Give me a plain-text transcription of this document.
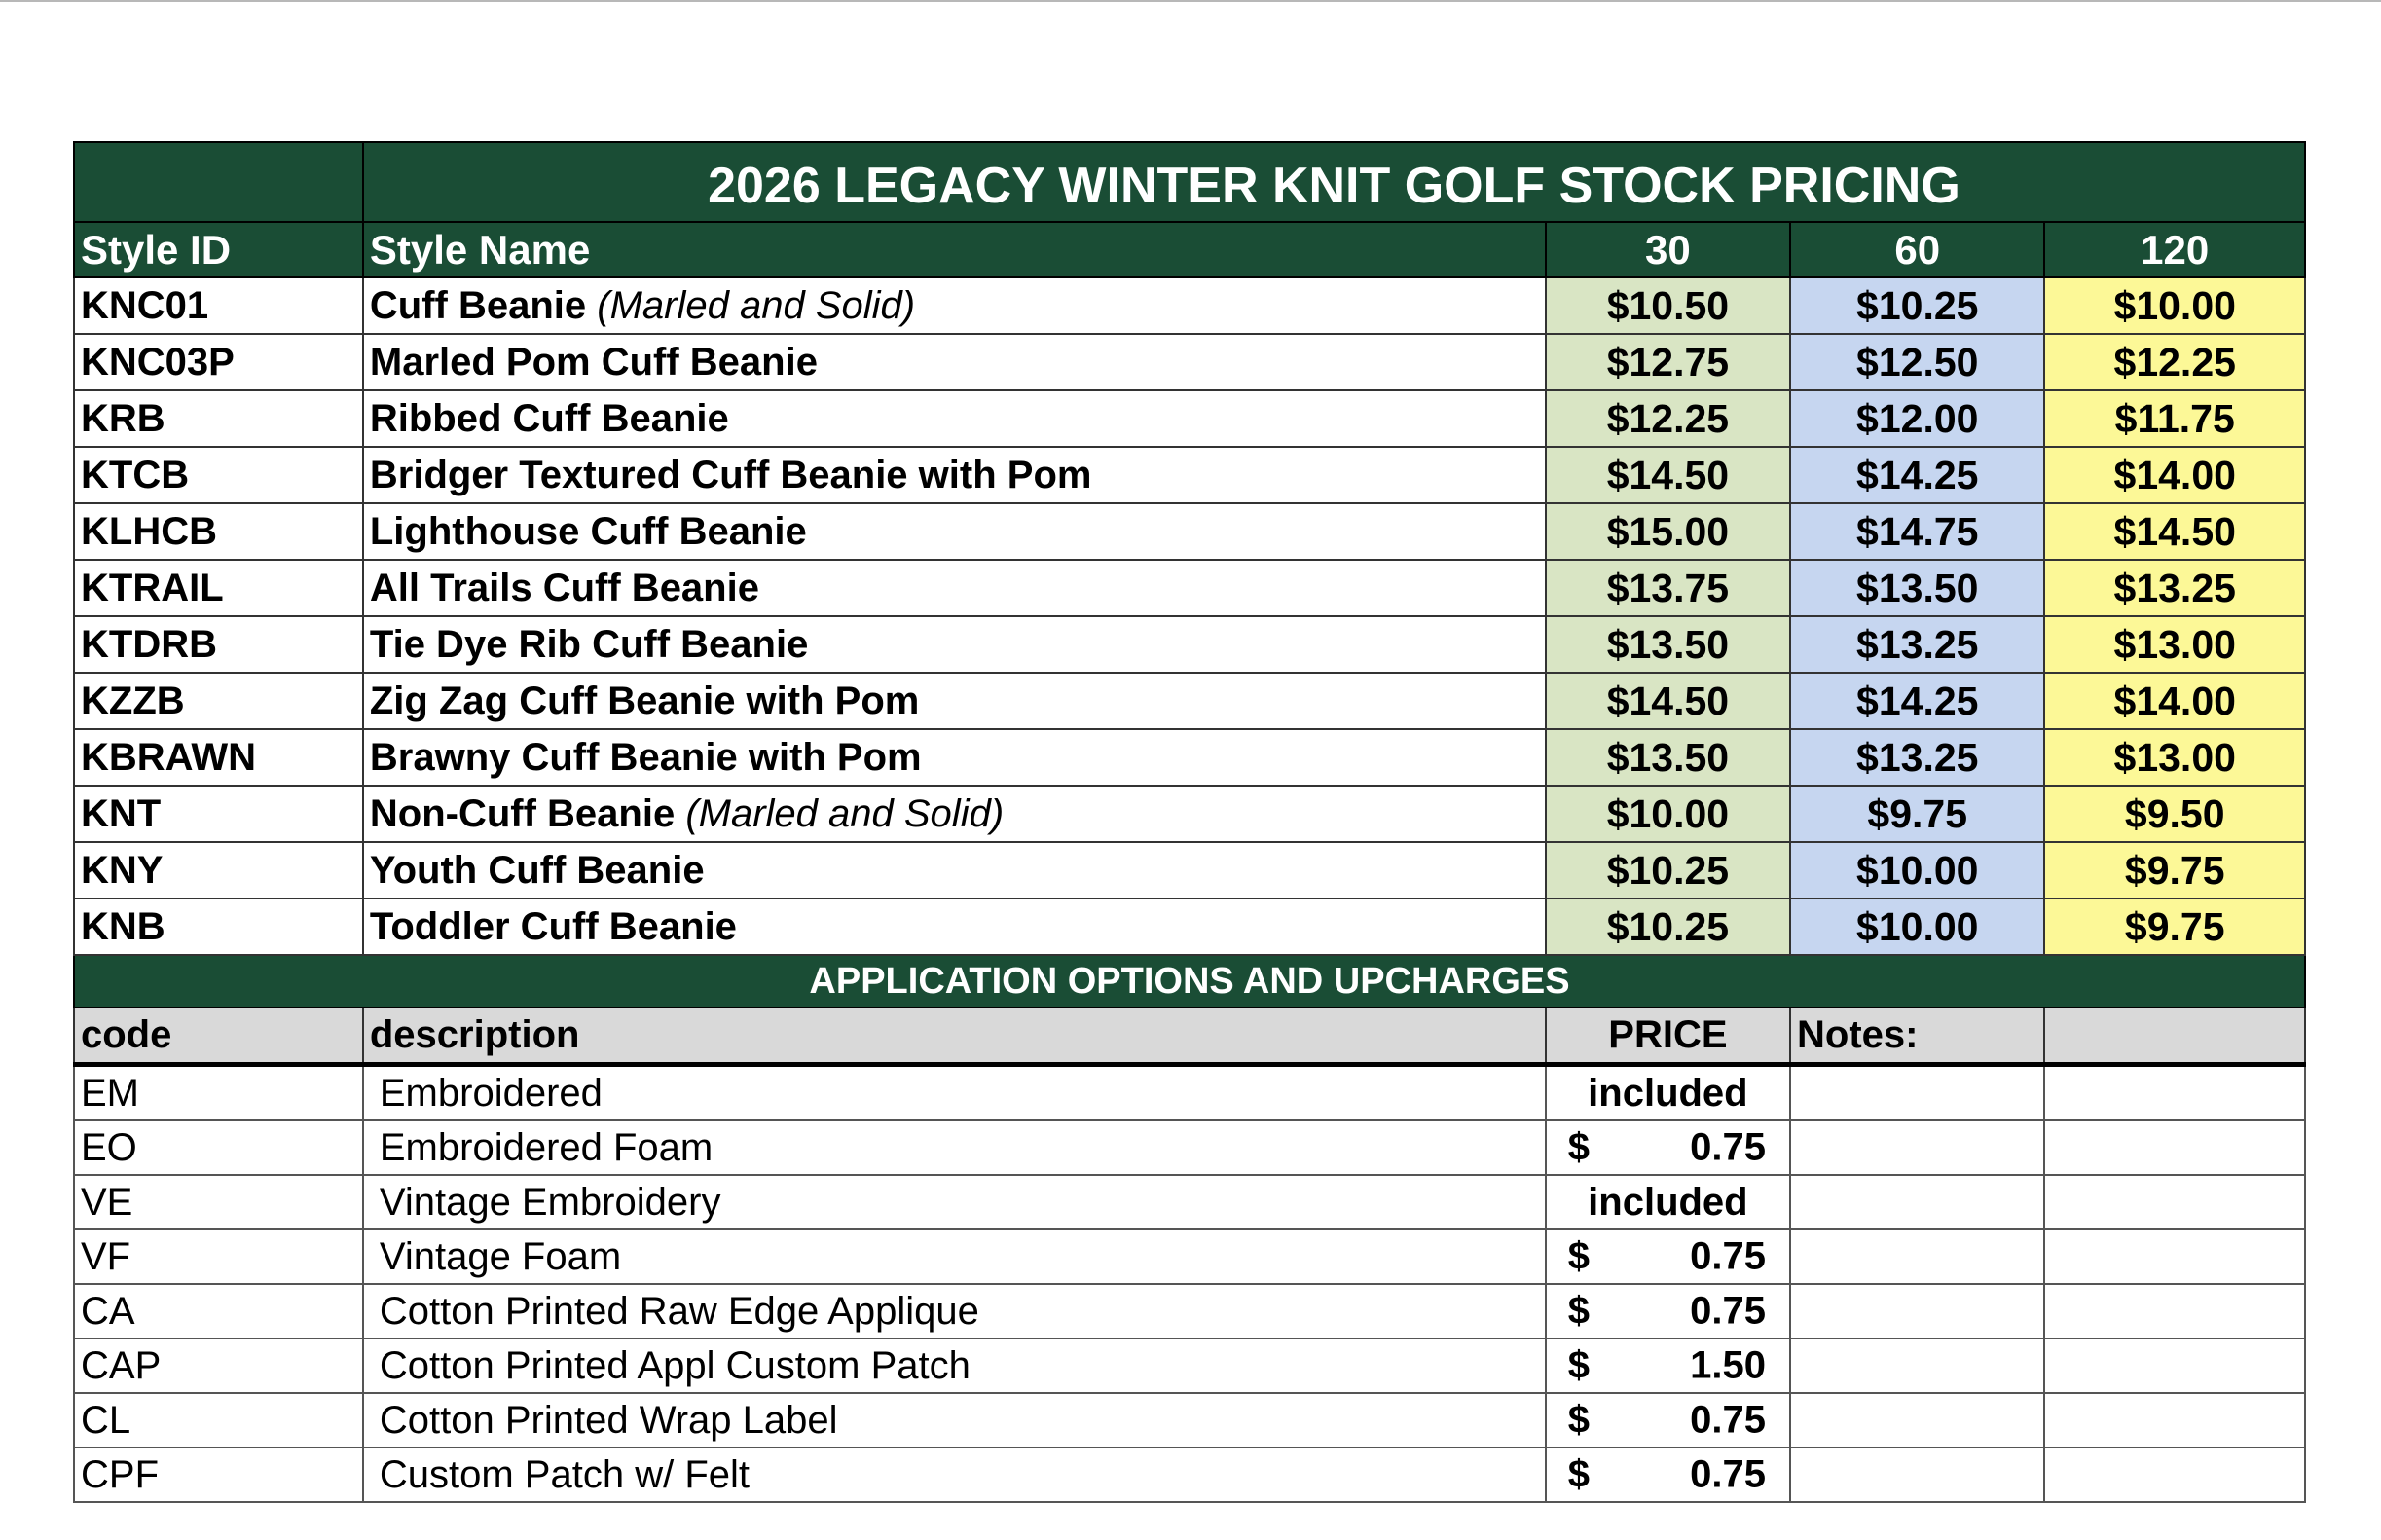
	2026 LEGACY WINTER KNIT GOLF STOCK PRICING			
Style ID	Style Name	30	60	120
KNC01	Cuff Beanie (Marled and Solid)	$10.50	$10.25	$10.00
KNC03P	Marled Pom Cuff Beanie	$12.75	$12.50	$12.25
KRB	Ribbed Cuff Beanie	$12.25	$12.00	$11.75
KTCB	Bridger Textured Cuff Beanie with Pom	$14.50	$14.25	$14.00
KLHCB	Lighthouse Cuff Beanie	$15.00	$14.75	$14.50
KTRAIL	All Trails Cuff Beanie	$13.75	$13.50	$13.25
KTDRB	Tie Dye Rib Cuff Beanie	$13.50	$13.25	$13.00
KZZB	Zig Zag Cuff Beanie with Pom	$14.50	$14.25	$14.00
KBRAWN	Brawny Cuff Beanie with Pom	$13.50	$13.25	$13.00
KNT	Non-Cuff Beanie (Marled and Solid)	$10.00	$9.75	$9.50
KNY	Youth Cuff Beanie	$10.25	$10.00	$9.75
KNB	Toddler Cuff Beanie	$10.25	$10.00	$9.75
APPLICATION OPTIONS AND UPCHARGES				
code	description	PRICE	Notes:	
EM	Embroidered	included		
EO	Embroidered Foam	$ 0.75		

VE	Vintage Embroidery	included		
VF	Vintage Foam	$ 0.75		

CA	Cotton Printed Raw Edge Applique	$ 0.75		

CAP	Cotton Printed Appl Custom Patch	$ 1.50		

CL	Cotton Printed Wrap Label	$ 0.75		

CPF	Custom Patch w/ Felt	$ 0.75		
